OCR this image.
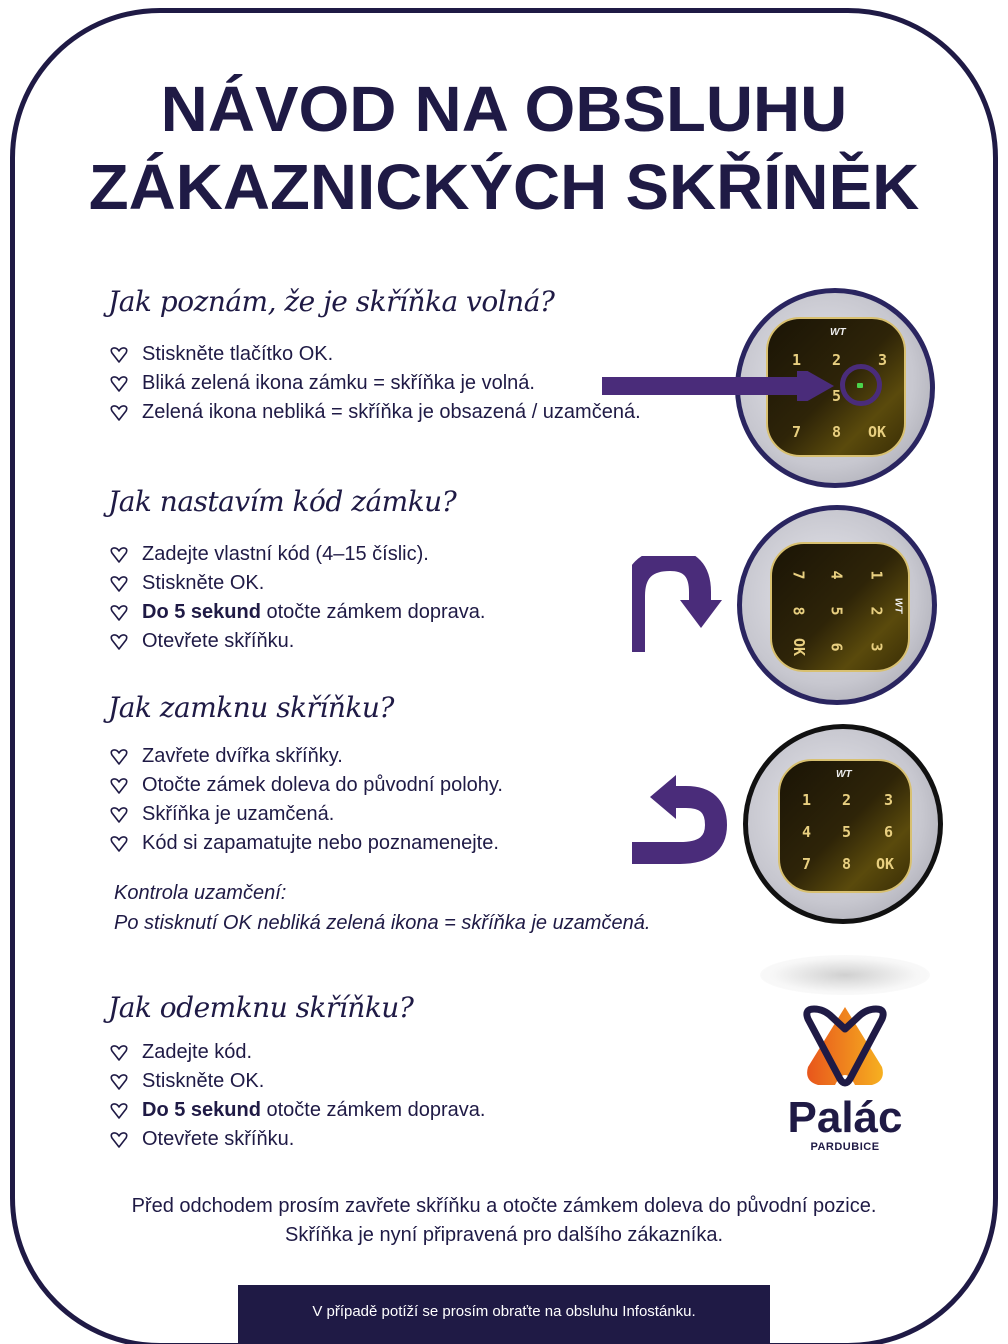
NÁVOD NA OBSLUHU
ZÁKAZNICKÝCH SKŘÍNĚK
Jak poznám, že je skříňka volná?
Stiskněte tlačítko OK.
Bliká zelená ikona zámku = skříňka je volná.
Zelená ikona nebliká = skříňka je obsazená / uzamčená.
WT
1 2 3
5
7 8 OK
Jak nastavím kód zámku?
Zadejte vlastní kód (4–15 číslic).
Stiskněte OK.
Do 5 sekund otočte zámkem doprava.
Otevřete skříňku.
7 4 1
8 5 2
OK 6 3
WT
Jak zamknu skříňku?
Zavřete dvířka skříňky.
Otočte zámek doleva do původní polohy.
Skříňka je uzamčená.
Kód si zapamatujte nebo poznamenejte.
Kontrola uzamčení:
Po stisknutí OK nebliká zelená ikona = skříňka je uzamčená.
WT
1 2 3
4 5 6
7 8 OK
Jak odemknu skříňku?
Zadejte kód.
Stiskněte OK.
Do 5 sekund otočte zámkem doprava.
Otevřete skříňku.	Palác
PARDUBICE
Před odchodem prosím zavřete skříňku a otočte zámkem doleva do původní pozice.
Skříňka je nyní připravená pro dalšího zákazníka.
V případě potíží se prosím obraťte na obsluhu Infostánku.
